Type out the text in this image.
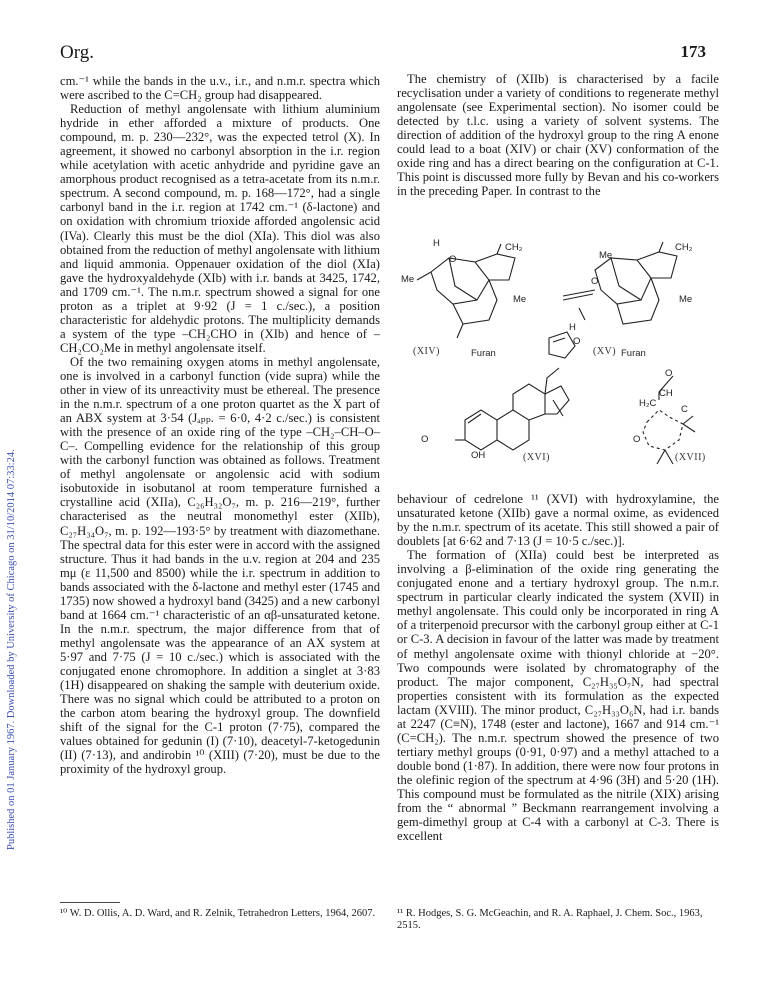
Published on 01 January 1967. Downloaded by University of Chicago on 31/10/2014 07:33:24.
Org.	173

cm.⁻¹ while the bands in the u.v., i.r., and n.m.r. spectra which were ascribed to the C=CH₂ group had disappeared.

Reduction of methyl angolensate with lithium aluminium hydride in ether afforded a mixture of products. One compound, m. p. 230—232°, was the expected tetrol (X). In agreement, it showed no carbonyl absorption in the i.r. region while acetylation with acetic anhydride and pyridine gave an amorphous product recognised as a tetra-acetate from its n.m.r. spectrum. A second compound, m. p. 168—172°, had a single carbonyl band in the i.r. region at 1742 cm.⁻¹ (δ-lactone) and on oxidation with chromium trioxide afforded angolensic acid (IVa). Clearly this must be the diol (XIa). This diol was also obtained from the reduction of methyl angolensate with lithium and liquid ammonia. Oppenauer oxidation of the diol (XIa) gave the hydroxyaldehyde (XIb) with i.r. bands at 3425, 1742, and 1709 cm.⁻¹. The n.m.r. spectrum showed a signal for one proton as a triplet at 9·92 (J = 1 c./sec.), a position characteristic for aldehydic protons. The multiplicity demands a system of the type –CH₂CHO in (XIb) and hence of –CH₂CO₂Me in methyl angolensate itself.

Of the two remaining oxygen atoms in methyl angolensate, one is involved in a carbonyl function (vide supra) while the other in view of its unreactivity must be ethereal. The presence in the n.m.r. spectrum of a one proton quartet as the X part of an ABX system at 3·54 (Jₐₚₚ. = 6·0, 4·2 c./sec.) is consistent with the presence of an oxide ring of the type –CH₂–CH–O–C–. Compelling evidence for the relationship of this group with the carbonyl function was obtained as follows. Treatment of methyl angolensate or angolensic acid with sodium isobutoxide in isobutanol at room temperature furnished a crystalline acid (XIIa), C₂₆H₃₂O₇, m. p. 216—219°, further characterised as the neutral monomethyl ester (XIIb), C₂₇H₃₄O₇, m. p. 192—193·5° by treatment with diazomethane. The spectral data for this ester were in accord with the assigned structure. Thus it had bands in the u.v. region at 204 and 235 mμ (ε 11,500 and 8500) while the i.r. spectrum in addition to bands associated with the δ-lactone and methyl ester (1745 and 1735) now showed a hydroxyl band (3425) and a new carbonyl band at 1664 cm.⁻¹ characteristic of an αβ-unsaturated ketone. In the n.m.r. spectrum, the major difference from that of methyl angolensate was the appearance of an AX system at 5·97 and 7·75 (J = 10 c./sec.) which is associated with the conjugated enone chromophore. In addition a singlet at 3·83 (1H) disappeared on shaking the sample with deuterium oxide. There was no signal which could be attributed to a proton on the carbon atom bearing the hydroxyl group. The downfield shift of the signal for the C-1 proton (7·75), compared the values obtained for gedunin (I) (7·10), deacetyl-7-ketogedunin (II) (7·13), and andirobin ¹⁰ (XIII) (7·20), must be due to the proximity of the hydroxyl group.

The chemistry of (XIIb) is characterised by a facile recyclisation under a variety of conditions to regenerate methyl angolensate (see Experimental section). No isomer could be detected by t.l.c. using a variety of solvent systems. The direction of addition of the hydroxyl group to the ring A enone could lead to a boat (XIV) or chair (XV) conformation of the oxide ring and has a direct bearing on the configuration at C-1. This point is discussed more fully by Bevan and his co-workers in the preceding Paper. In contrast to the

H	CH₂
Me
O
Me
Furan
Me
O
CH₂
H
Me
Furan
O
O
OH
O
CH
H₂C
C
O
(XIV)	(XV)
(XVI)	(XVII)

behaviour of cedrelone ¹¹ (XVI) with hydroxylamine, the unsaturated ketone (XIIb) gave a normal oxime, as evidenced by the n.m.r. spectrum of its acetate. This still showed a pair of doublets [at 6·62 and 7·13 (J = 10·5 c./sec.)].

The formation of (XIIa) could best be interpreted as involving a β-elimination of the oxide ring generating the conjugated enone and a tertiary hydroxyl group. The n.m.r. spectrum in particular clearly indicated the system (XVII) in methyl angolensate. This could only be incorporated in ring A of a triterpenoid precursor with the carbonyl group either at C-1 or C-3. A decision in favour of the latter was made by treatment of methyl angolensate oxime with thionyl chloride at −20°. Two compounds were isolated by chromatography of the product. The major component, C₂₇H₃₅O₇N, had spectral properties consistent with its formulation as the expected lactam (XVIII). The minor product, C₂₇H₃₃O₆N, had i.r. bands at 2247 (C≡N), 1748 (ester and lactone), 1667 and 914 cm.⁻¹ (C=CH₂). The n.m.r. spectrum showed the presence of two tertiary methyl groups (0·91, 0·97) and a methyl attached to a double bond (1·87). In addition, there were now four protons in the olefinic region of the spectrum at 4·96 (3H) and 5·20 (1H). This compound must be formulated as the nitrile (XIX) arising from the “ abnormal ” Beckmann rearrangement involving a gem-dimethyl group at C-4 with a carbonyl at C-3. There is excellent

¹⁰ W. D. Ollis, A. D. Ward, and R. Zelnik, Tetrahedron Letters, 1964, 2607.	¹¹ R. Hodges, S. G. McGeachin, and R. A. Raphael, J. Chem. Soc., 1963, 2515.
